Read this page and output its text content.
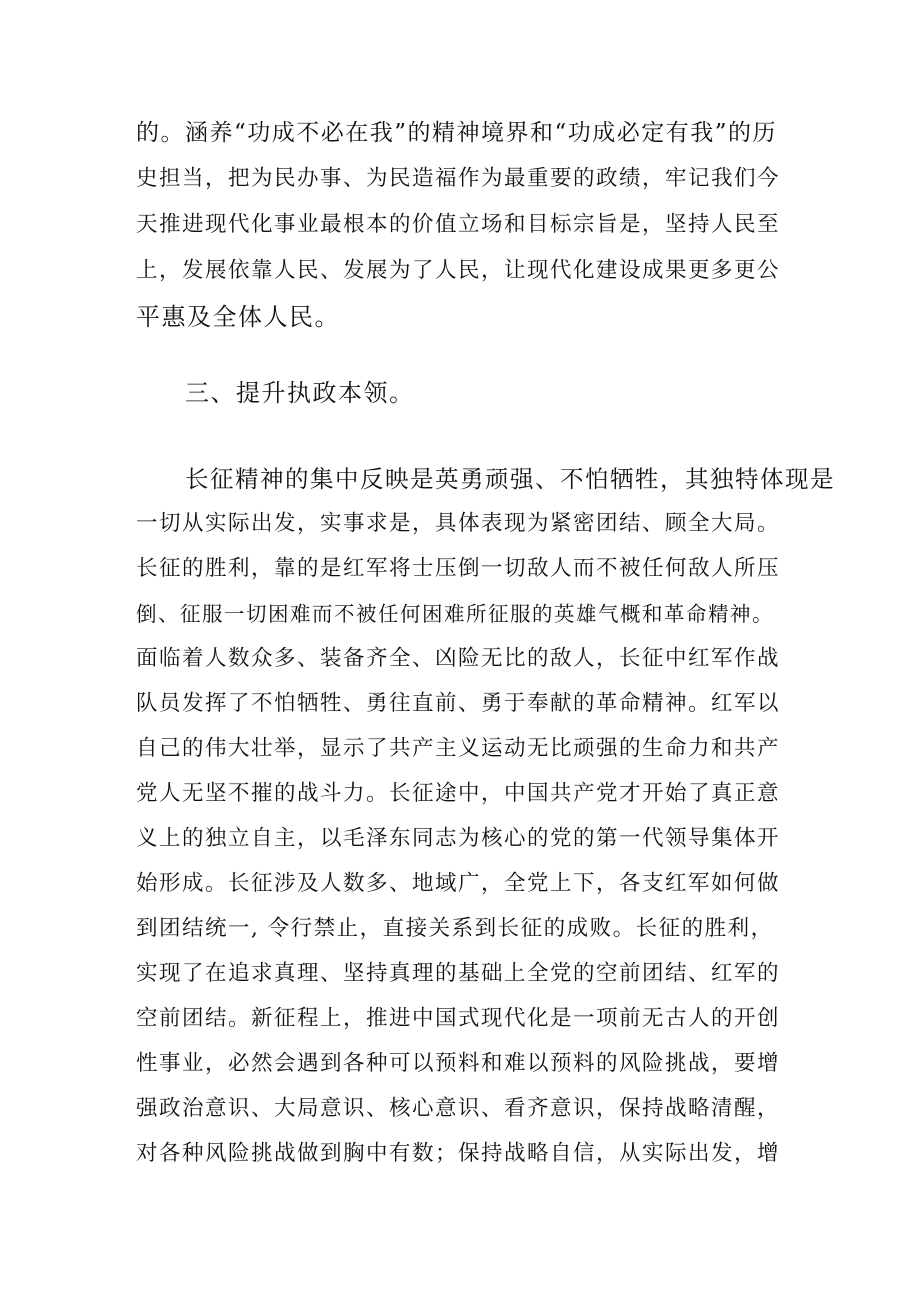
的。涵养“功成不必在我”的精神境界和“功成必定有我”的历
史担当，把为民办事、为民造福作为最重要的政绩，牢记我们今
天推进现代化事业最根本的价值立场和目标宗旨是，坚持人民至
上，发展依靠人民、发展为了人民，让现代化建设成果更多更公
平惠及全体人民。
三、提升执政本领。
长征精神的集中反映是英勇顽强、不怕牺牲，其独特体现是
一切从实际出发，实事求是，具体表现为紧密团结、顾全大局。
长征的胜利，靠的是红军将士压倒一切敌人而不被任何敌人所压
倒、征服一切困难而不被任何困难所征服的英雄气概和革命精神。
面临着人数众多、装备齐全、凶险无比的敌人，长征中红军作战
队员发挥了不怕牺牲、勇往直前、勇于奉献的革命精神。红军以
自己的伟大壮举，显示了共产主义运动无比顽强的生命力和共产
党人无坚不摧的战斗力。长征途中，中国共产党才开始了真正意
义上的独立自主，以毛泽东同志为核心的党的第一代领导集体开
始形成。长征涉及人数多、地域广，全党上下，各支红军如何做
到团结统一, 令行禁止，直接关系到长征的成败。长征的胜利，
实现了在追求真理、坚持真理的基础上全党的空前团结、红军的
空前团结。新征程上，推进中国式现代化是一项前无古人的开创
性事业，必然会遇到各种可以预料和难以预料的风险挑战，要增
强政治意识、大局意识、核心意识、看齐意识，保持战略清醒，
对各种风险挑战做到胸中有数；保持战略自信，从实际出发，增
